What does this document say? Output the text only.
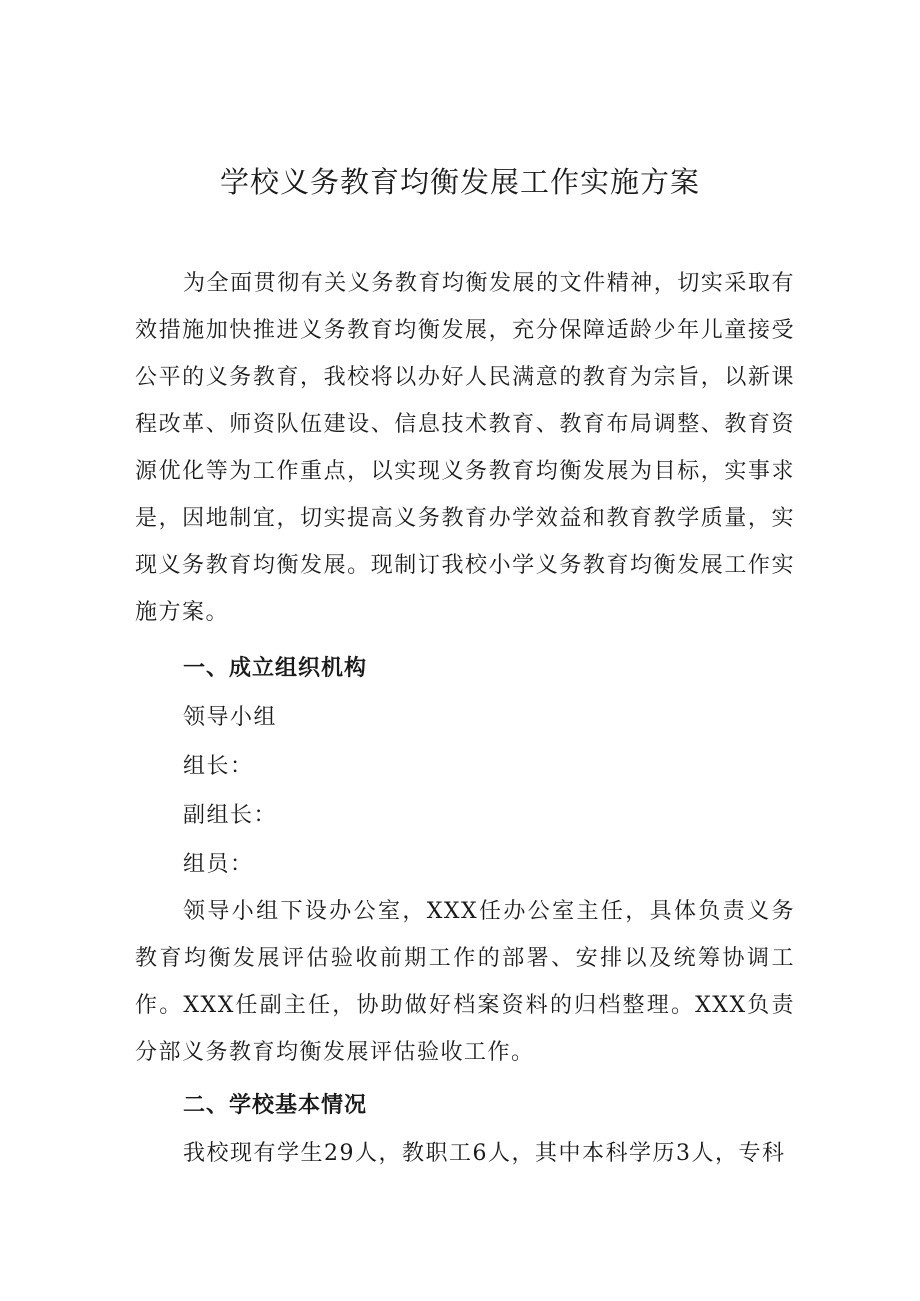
学校义务教育均衡发展工作实施方案

为全面贯彻有关义务教育均衡发展的文件精神，切实采取有效措施加快推进义务教育均衡发展，充分保障适龄少年儿童接受公平的义务教育，我校将以办好人民满意的教育为宗旨，以新课程改革、师资队伍建设、信息技术教育、教育布局调整、教育资源优化等为工作重点，以实现义务教育均衡发展为目标，实事求是，因地制宜，切实提高义务教育办学效益和教育教学质量，实现义务教育均衡发展。现制订我校小学义务教育均衡发展工作实施方案。

一、成立组织机构

领导小组

组长：

副组长：

组员：

领导小组下设办公室，XXX任办公室主任，具体负责义务教育均衡发展评估验收前期工作的部署、安排以及统筹协调工作。XXX任副主任，协助做好档案资料的归档整理。XXX负责分部义务教育均衡发展评估验收工作。

二、学校基本情况

我校现有学生29人，教职工6人，其中本科学历3人，专科
